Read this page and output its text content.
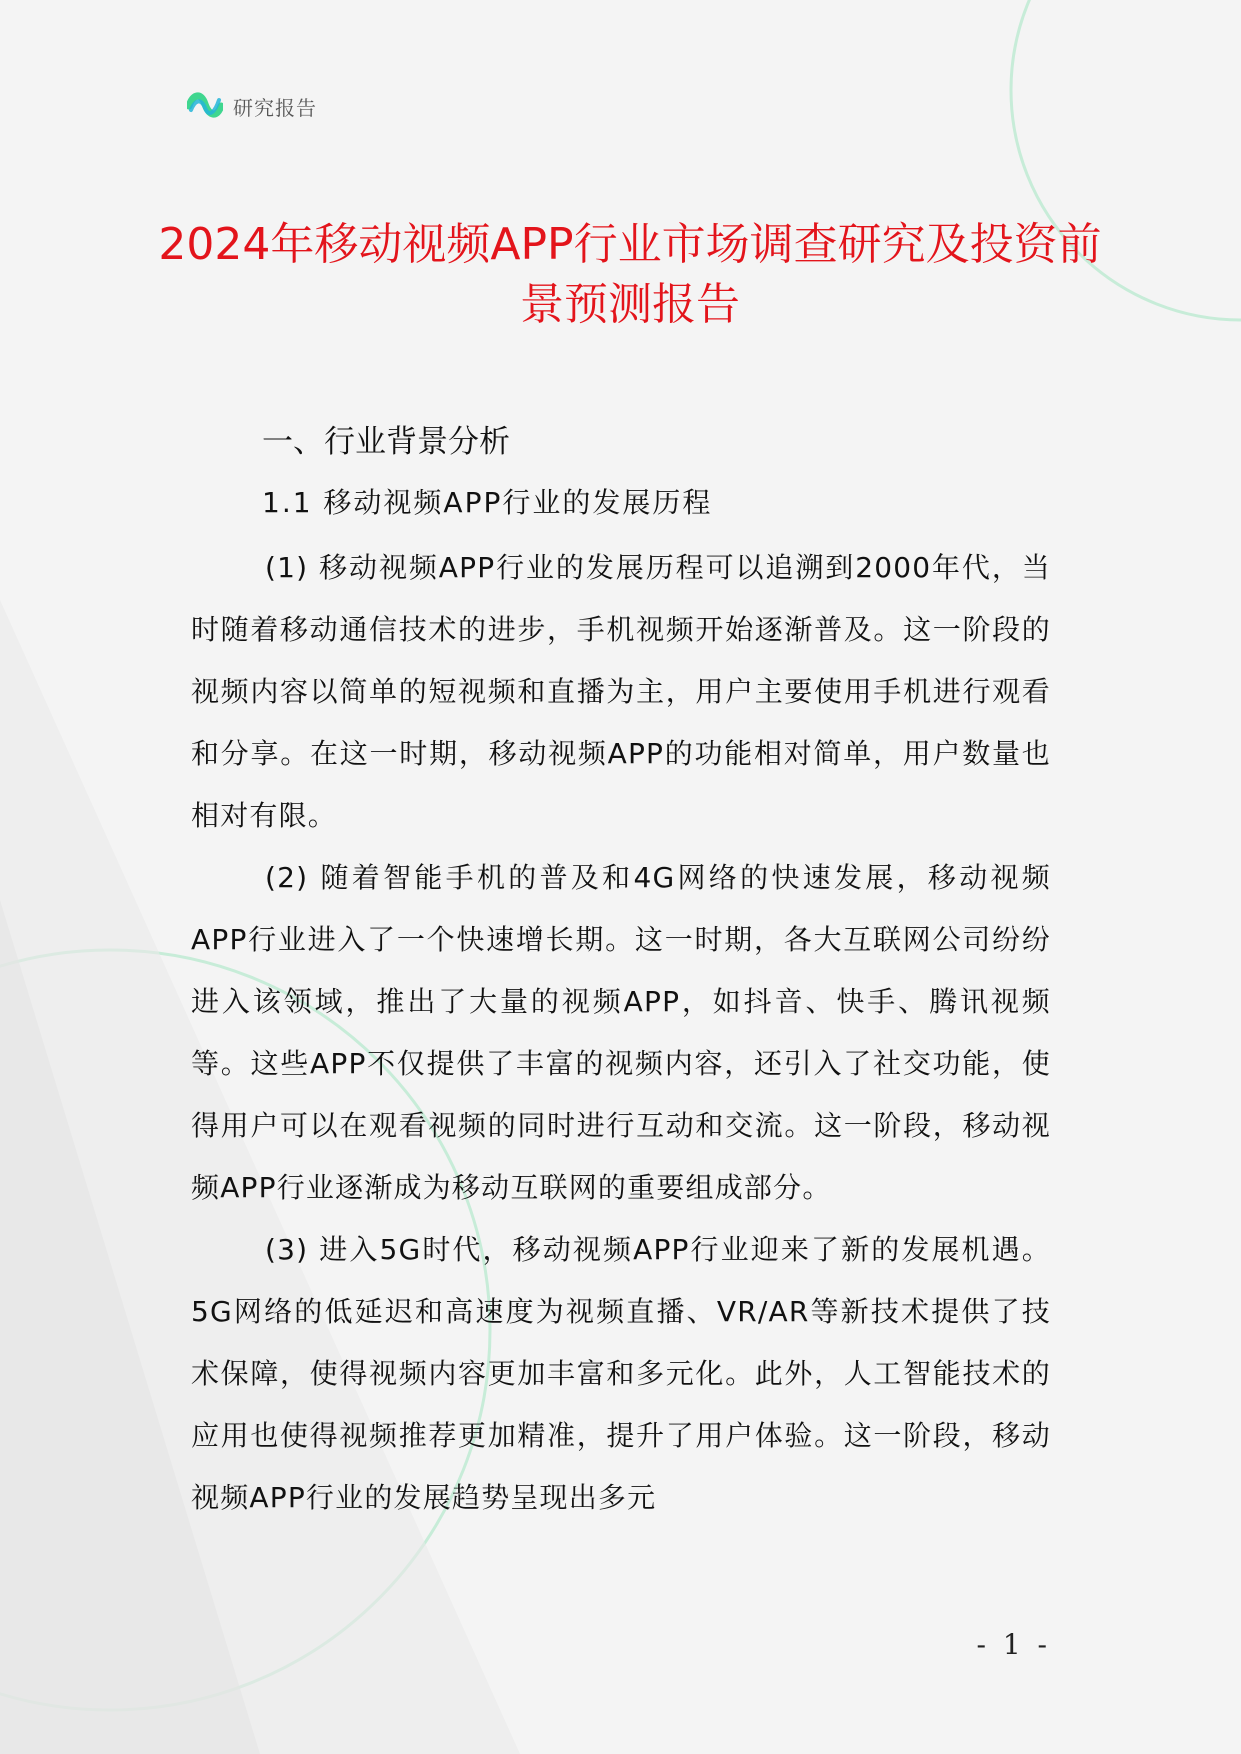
研究报告
2024年移动视频APP行业市场调查研究及投资前景预测报告
一、行业背景分析
1.1 移动视频APP行业的发展历程

(1) 移动视频APP行业的发展历程可以追溯到2000年代，当时随着移动通信技术的进步，手机视频开始逐渐普及。这一阶段的视频内容以简单的短视频和直播为主，用户主要使用手机进行观看和分享。在这一时期，移动视频APP的功能相对简单，用户数量也相对有限。

(2) 随着智能手机的普及和4G网络的快速发展，移动视频APP行业进入了一个快速增长期。这一时期，各大互联网公司纷纷进入该领域，推出了大量的视频APP，如抖音、快手、腾讯视频等。这些APP不仅提供了丰富的视频内容，还引入了社交功能，使得用户可以在观看视频的同时进行互动和交流。这一阶段，移动视频APP行业逐渐成为移动互联网的重要组成部分。

(3) 进入5G时代，移动视频APP行业迎来了新的发展机遇。5G网络的低延迟和高速度为视频直播、VR/AR等新技术提供了技术保障，使得视频内容更加丰富和多元化。此外，人工智能技术的应用也使得视频推荐更加精准，提升了用户体验。这一阶段，移动视频APP行业的发展趋势呈现出多元

- 1 -
